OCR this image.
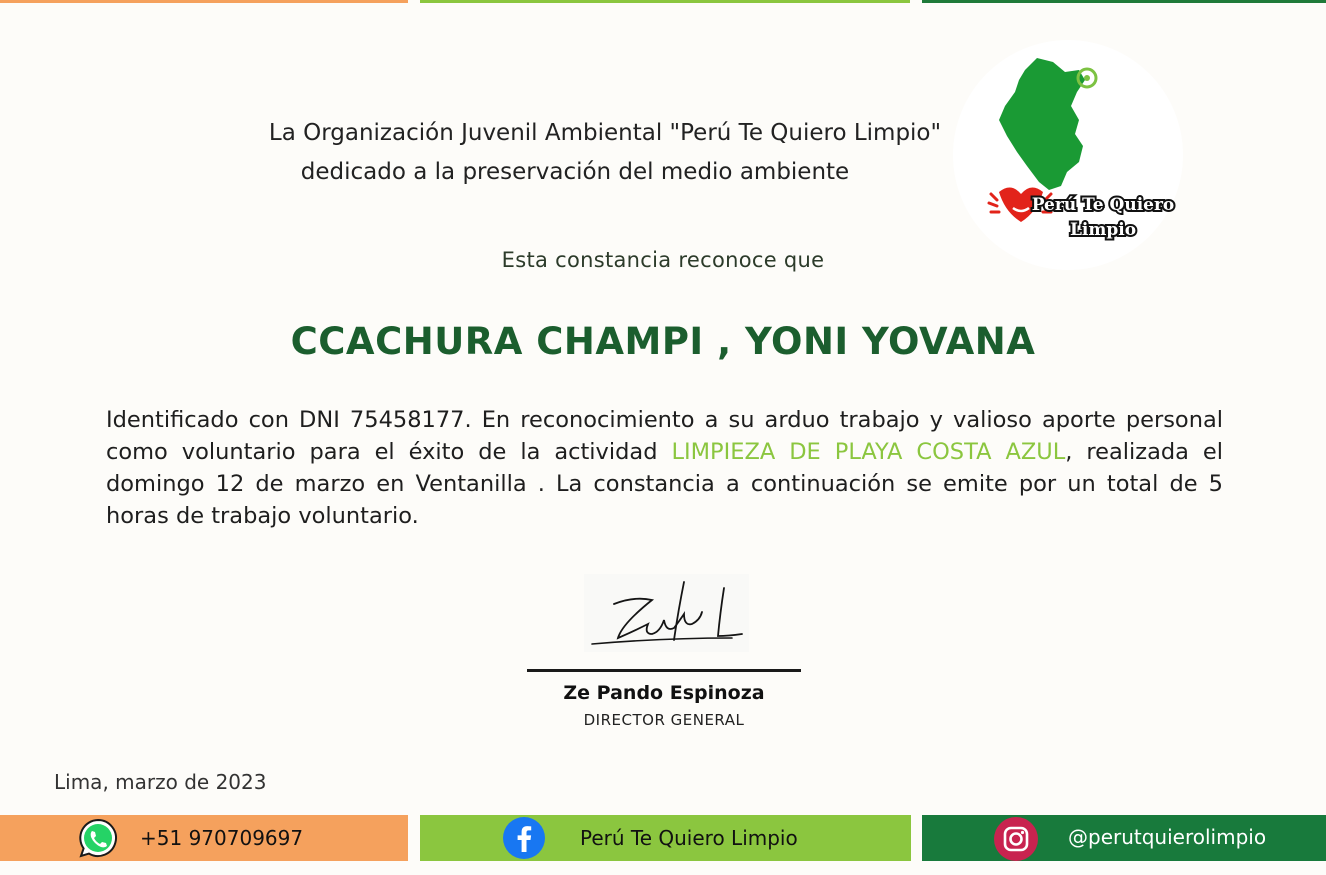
La Organización Juvenil Ambiental "Perú Te Quiero Limpio"

dedicado a la preservación del medio ambiente
Perú Te Quiero
Limpio
Esta constancia reconoce que
CCACHURA CHAMPI , YONI YOVANA
Identificado con DNI 75458177. En reconocimiento a su arduo trabajo y valioso aporte personal como voluntario para el éxito de la actividad LIMPIEZA DE PLAYA COSTA AZUL, realizada el domingo 12 de marzo en Ventanilla . La constancia a continuación se emite por un total de 5 horas de trabajo voluntario.
Ze Pando Espinoza
DIRECTOR GENERAL
Lima, marzo de 2023
+51 970709697	Perú Te Quiero Limpio	@perutquierolimpio
